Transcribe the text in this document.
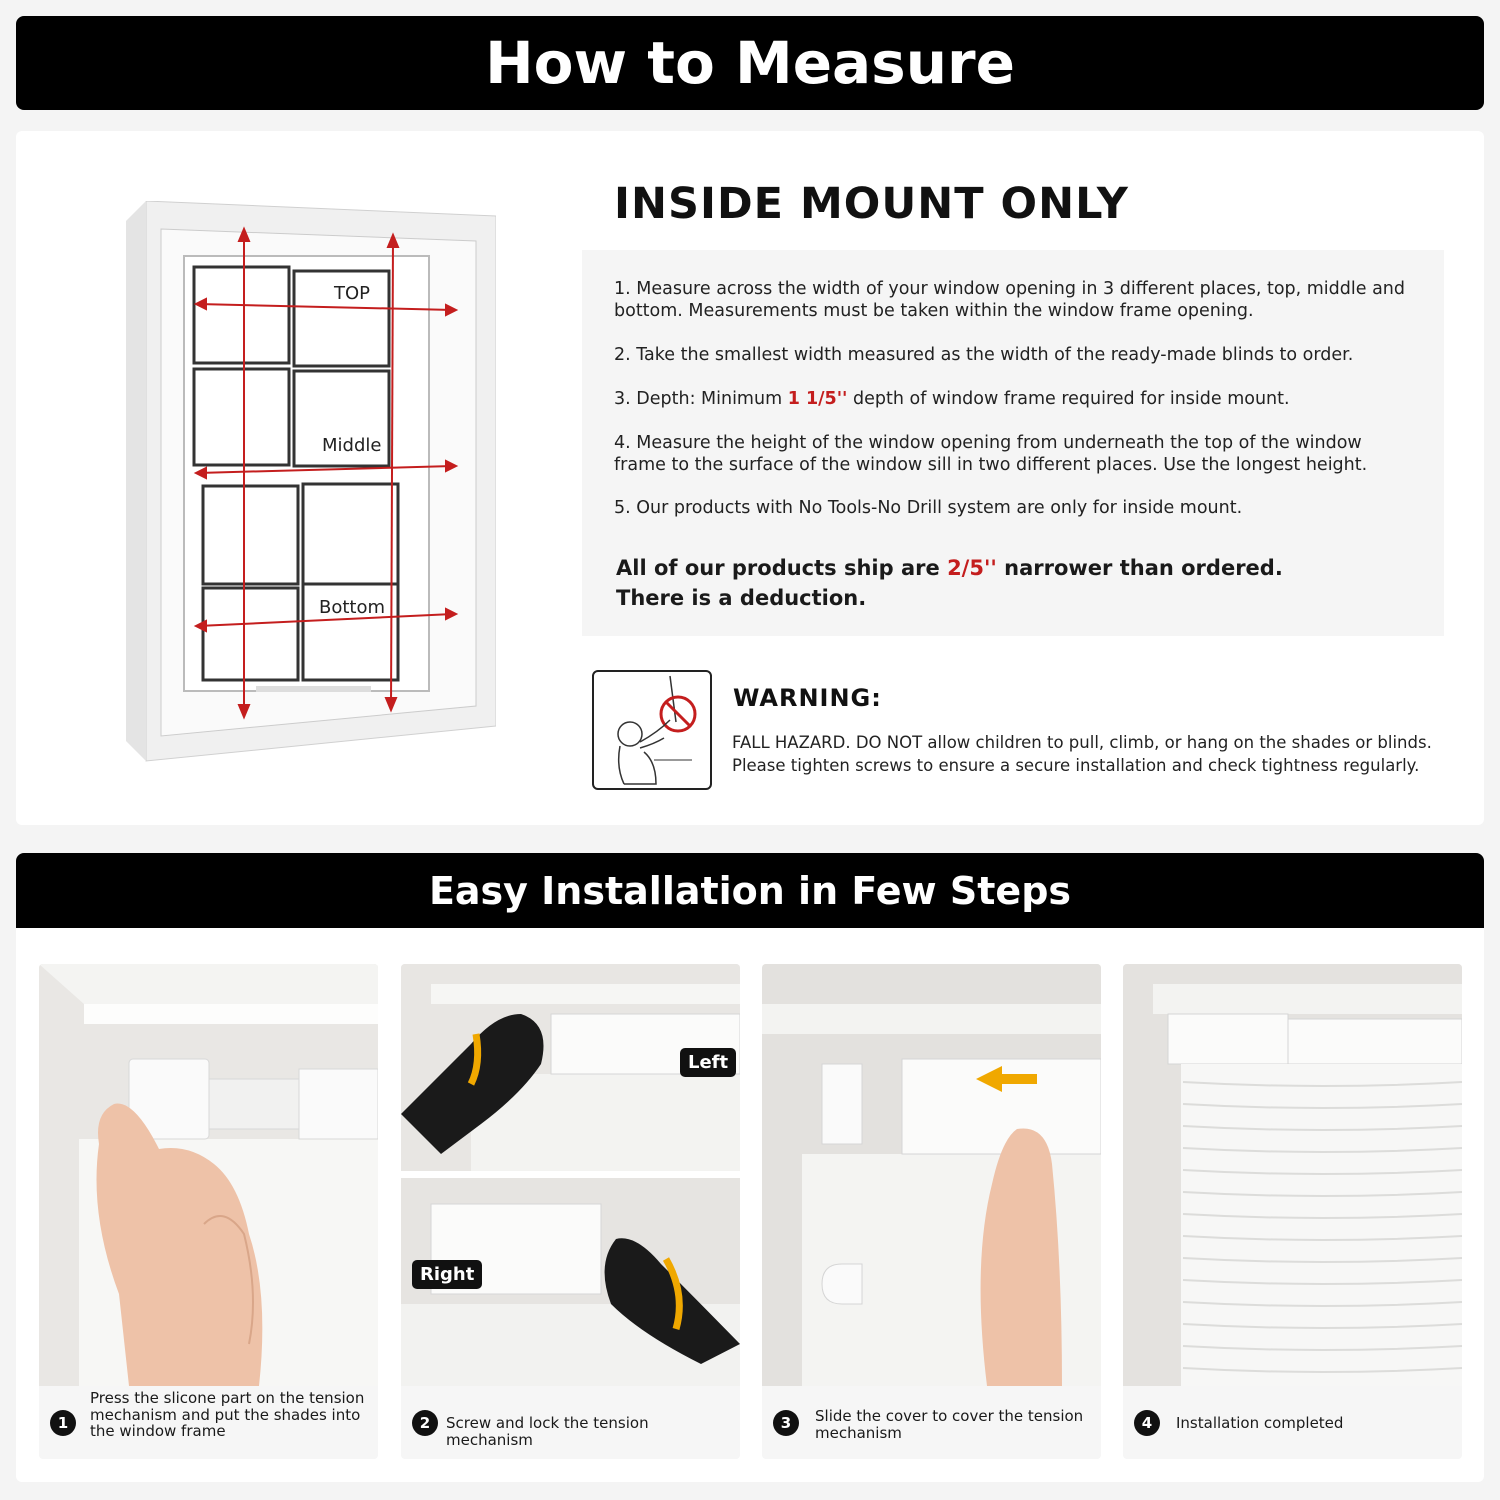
How to Measure
TOP
Middle
Bottom
INSIDE MOUNT ONLY
1. Measure across the width of your window opening in 3 different places, top, middle and bottom. Measurements must be taken within the window frame opening.
2. Take the smallest width measured as the width of the ready-made blinds to order.
3. Depth: Minimum 1 1/5'' depth of window frame required for inside mount.
4. Measure the height of the window opening from underneath the top of the window frame to the surface of the window sill in two different places. Use the longest height.
5. Our products with No Tools-No Drill system are only for inside mount.
All of our products ship are 2/5'' narrower than ordered.
There is a deduction.
WARNING:
FALL HAZARD. DO NOT allow children to pull, climb, or hang on the shades or blinds. Please tighten screws to ensure a secure installation and check tightness regularly.
Easy Installation in Few Steps
1
Press the slicone part on the tension mechanism and put the shades into the window frame
Left
Right
2	Screw and lock the tension mechanism
3	Slide the cover to cover the tension mechanism
4	Installation completed
